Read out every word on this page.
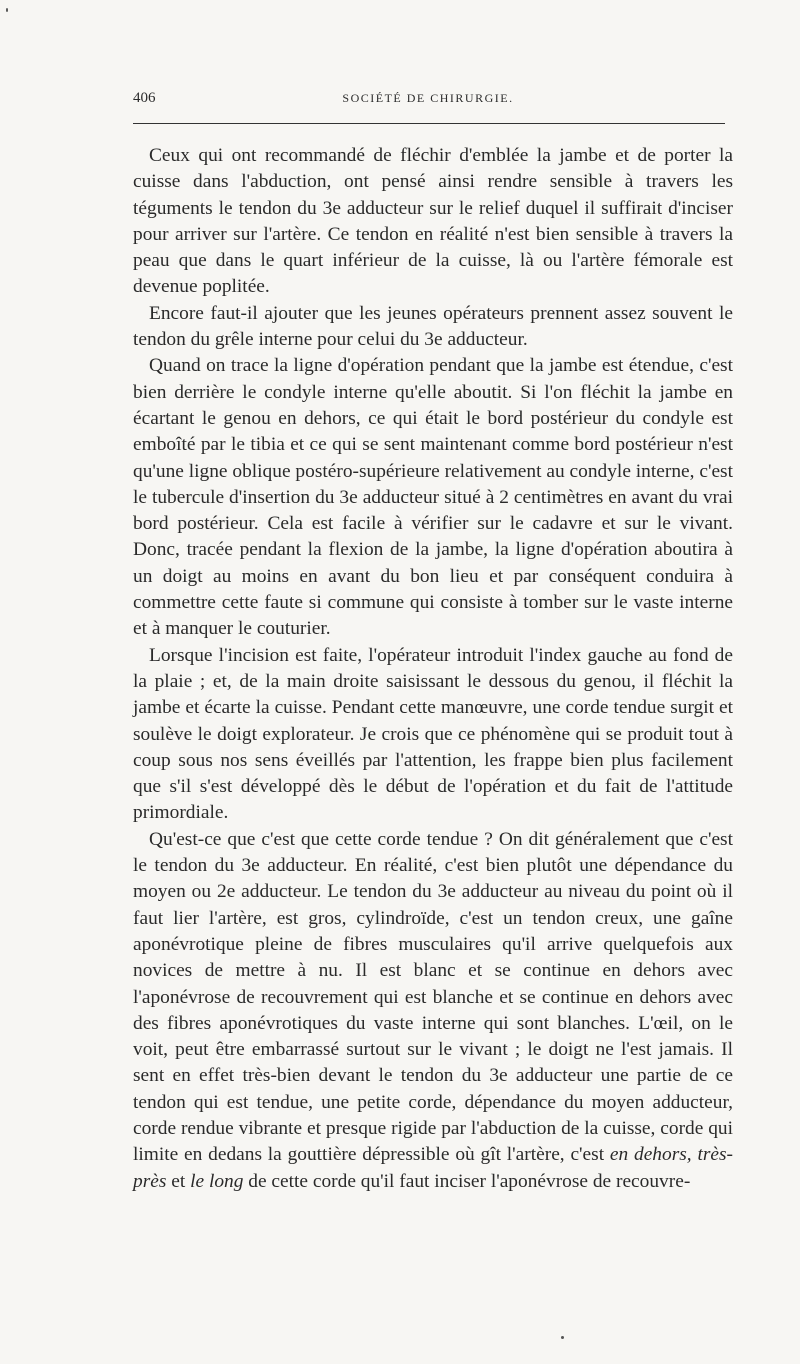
406	SOCIÉTÉ DE CHIRURGIE.

Ceux qui ont recommandé de fléchir d'emblée la jambe et de porter la cuisse dans l'abduction, ont pensé ainsi rendre sensible à travers les téguments le tendon du 3e adducteur sur le relief duquel il suffirait d'inciser pour arriver sur l'artère. Ce tendon en réalité n'est bien sensible à travers la peau que dans le quart inférieur de la cuisse, là ou l'artère fémorale est devenue poplitée.

Encore faut-il ajouter que les jeunes opérateurs prennent assez souvent le tendon du grêle interne pour celui du 3e adducteur.

Quand on trace la ligne d'opération pendant que la jambe est étendue, c'est bien derrière le condyle interne qu'elle aboutit. Si l'on fléchit la jambe en écartant le genou en dehors, ce qui était le bord postérieur du condyle est emboîté par le tibia et ce qui se sent maintenant comme bord postérieur n'est qu'une ligne oblique postéro-supérieure relativement au condyle interne, c'est le tubercule d'insertion du 3e adducteur situé à 2 centimètres en avant du vrai bord postérieur. Cela est facile à vérifier sur le cadavre et sur le vivant. Donc, tracée pendant la flexion de la jambe, la ligne d'opération aboutira à un doigt au moins en avant du bon lieu et par conséquent conduira à commettre cette faute si commune qui consiste à tomber sur le vaste interne et à manquer le couturier.

Lorsque l'incision est faite, l'opérateur introduit l'index gauche au fond de la plaie ; et, de la main droite saisissant le dessous du genou, il fléchit la jambe et écarte la cuisse. Pendant cette manœuvre, une corde tendue surgit et soulève le doigt explorateur. Je crois que ce phénomène qui se produit tout à coup sous nos sens éveillés par l'attention, les frappe bien plus facilement que s'il s'est développé dès le début de l'opération et du fait de l'attitude primordiale.

Qu'est-ce que c'est que cette corde tendue ? On dit généralement que c'est le tendon du 3e adducteur. En réalité, c'est bien plutôt une dépendance du moyen ou 2e adducteur. Le tendon du 3e adducteur au niveau du point où il faut lier l'artère, est gros, cylindroïde, c'est un tendon creux, une gaîne aponévrotique pleine de fibres musculaires qu'il arrive quelquefois aux novices de mettre à nu. Il est blanc et se continue en dehors avec l'aponévrose de recouvrement qui est blanche et se continue en dehors avec des fibres aponévrotiques du vaste interne qui sont blanches. L'œil, on le voit, peut être embarrassé surtout sur le vivant ; le doigt ne l'est jamais. Il sent en effet très-bien devant le tendon du 3e adducteur une partie de ce tendon qui est tendue, une petite corde, dépendance du moyen adducteur, corde rendue vibrante et presque rigide par l'abduction de la cuisse, corde qui limite en dedans la gouttière dépressible où gît l'artère, c'est en dehors, très-près et le long de cette corde qu'il faut inciser l'aponévrose de recouvre-
